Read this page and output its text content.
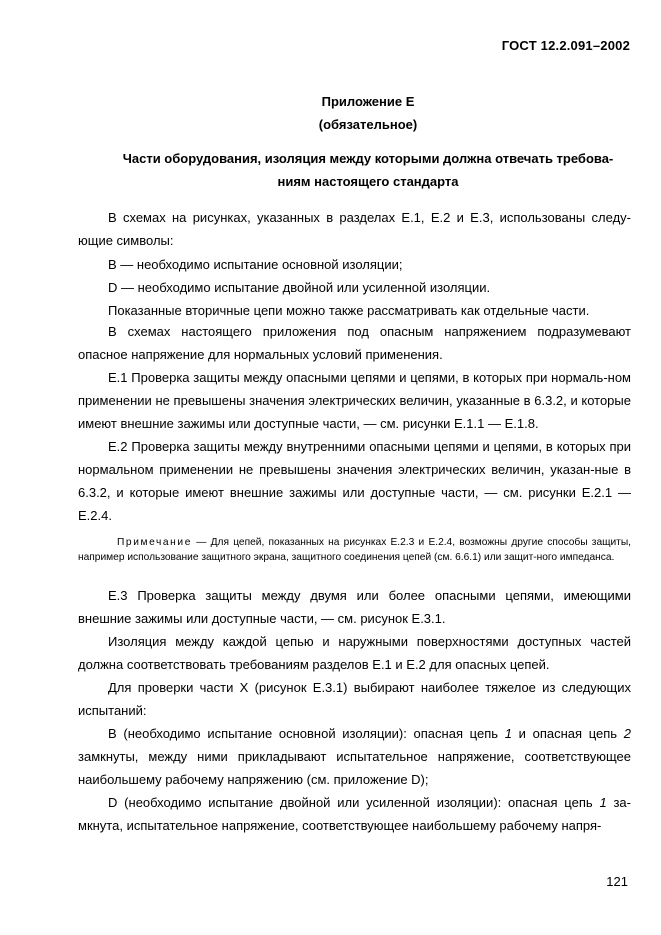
ГОСТ 12.2.091–2002
Приложение Е
(обязательное)
Части оборудования, изоляция между которыми должна отвечать требова-
ниям настоящего стандарта
В схемах на рисунках, указанных в разделах Е.1, Е.2 и Е.3, использованы следу-ющие символы:
В — необходимо испытание основной изоляции;
D — необходимо испытание двойной или усиленной изоляции.
Показанные вторичные цепи можно также рассматривать как отдельные части.
В схемах настоящего приложения под опасным напряжением подразумевают опасное напряжение для нормальных условий применения.
Е.1 Проверка защиты между опасными цепями и цепями, в которых при нормаль-ном применении не превышены значения электрических величин, указанные в 6.3.2, и которые имеют внешние зажимы или доступные части, — см. рисунки Е.1.1 — Е.1.8.
Е.2 Проверка защиты между внутренними опасными цепями и цепями, в которых при нормальном применении не превышены значения электрических величин, указан-ные в 6.3.2, и которые имеют внешние зажимы или доступные части, — см. рисунки Е.2.1 — Е.2.4.
Примечание — Для цепей, показанных на рисунках Е.2.3 и Е.2.4, возможны другие способы защиты, например использование защитного экрана, защитного соединения цепей (см. 6.6.1) или защит-ного импеданса.
Е.3 Проверка защиты между двумя или более опасными цепями, имеющими внешние зажимы или доступные части, — см. рисунок Е.3.1.
Изоляция между каждой цепью и наружными поверхностями доступных частей должна соответствовать требованиям разделов Е.1 и Е.2 для опасных цепей.
Для проверки части Х (рисунок Е.3.1) выбирают наиболее тяжелое из следующих испытаний:
В (необходимо испытание основной изоляции): опасная цепь 1 и опасная цепь 2 замкнуты, между ними прикладывают испытательное напряжение, соответствующее наибольшему рабочему напряжению (см. приложение D);
D (необходимо испытание двойной или усиленной изоляции): опасная цепь 1 за-мкнута, испытательное напряжение, соответствующее наибольшему рабочему напря-
121
